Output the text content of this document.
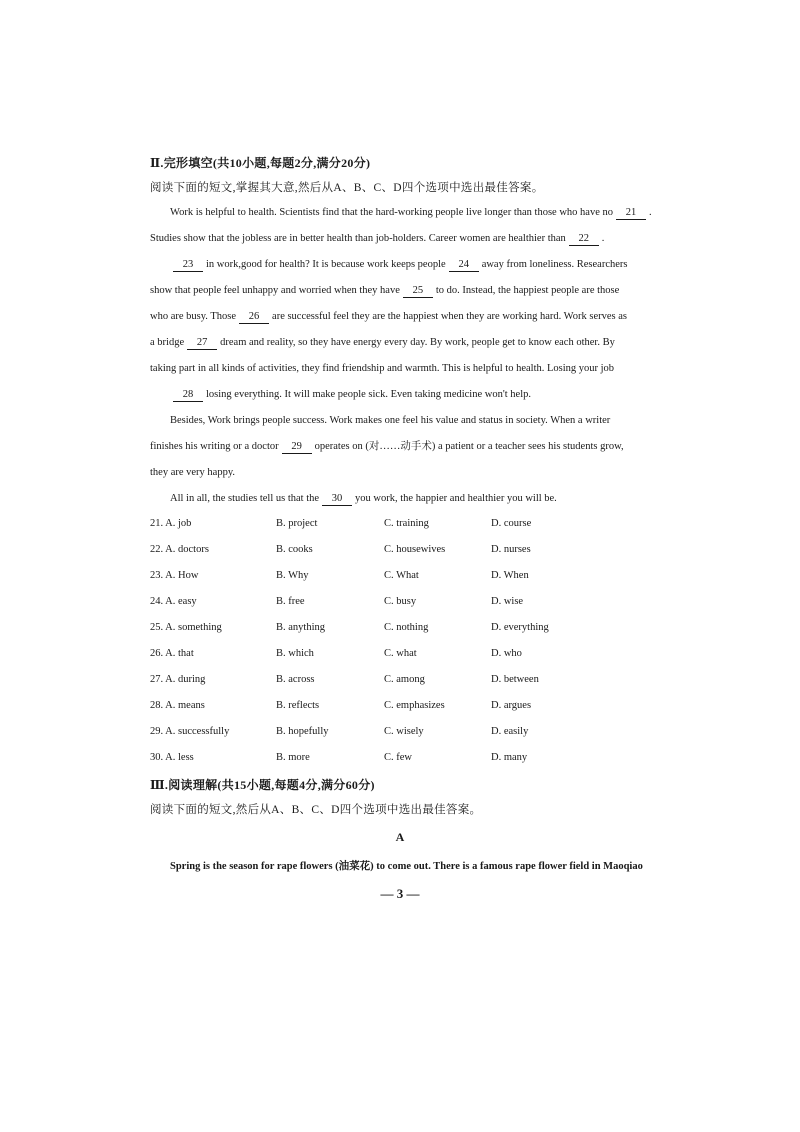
Ⅱ.完形填空(共10小题,每题2分,满分20分)
阅读下面的短文,掌握其大意,然后从A、B、C、D四个选项中选出最佳答案。
Work is helpful to health. Scientists find that the hard-working people live longer than those who have no 21 .
Studies show that the jobless are in better health than job-holders. Career women are healthier than 22 .
23 in work,good for health? It is because work keeps people 24 away from loneliness. Researchers
show that people feel unhappy and worried when they have 25 to do. Instead, the happiest people are those
who are busy. Those 26 are successful feel they are the happiest when they are working hard. Work serves as
a bridge 27 dream and reality, so they have energy every day. By work, people get to know each other. By
taking part in all kinds of activities, they find friendship and warmth. This is helpful to health. Losing your job
28 losing everything. It will make people sick. Even taking medicine won't help.
Besides, Work brings people success. Work makes one feel his value and status in society. When a writer
finishes his writing or a doctor 29 operates on (对……动手术) a patient or a teacher sees his students grow,
they are very happy.
All in all, the studies tell us that the 30 you work, the happier and healthier you will be.
21. A. job	B. project	C. training	D. course
22. A. doctors	B. cooks	C. housewives	D. nurses
23. A. How	B. Why	C. What	D. When
24. A. easy	B. free	C. busy	D. wise
25. A. something	B. anything	C. nothing	D. everything
26. A. that	B. which	C. what	D. who
27. A. during	B. across	C. among	D. between
28. A. means	B. reflects	C. emphasizes	D. argues
29. A. successfully	B. hopefully	C. wisely	D. easily
30. A. less	B. more	C. few	D. many
Ⅲ.阅读理解(共15小题,每题4分,满分60分)
阅读下面的短文,然后从A、B、C、D四个选项中选出最佳答案。
A
Spring is the season for rape flowers (油菜花) to come out. There is a famous rape flower field in Maoqiao
— 3 —
